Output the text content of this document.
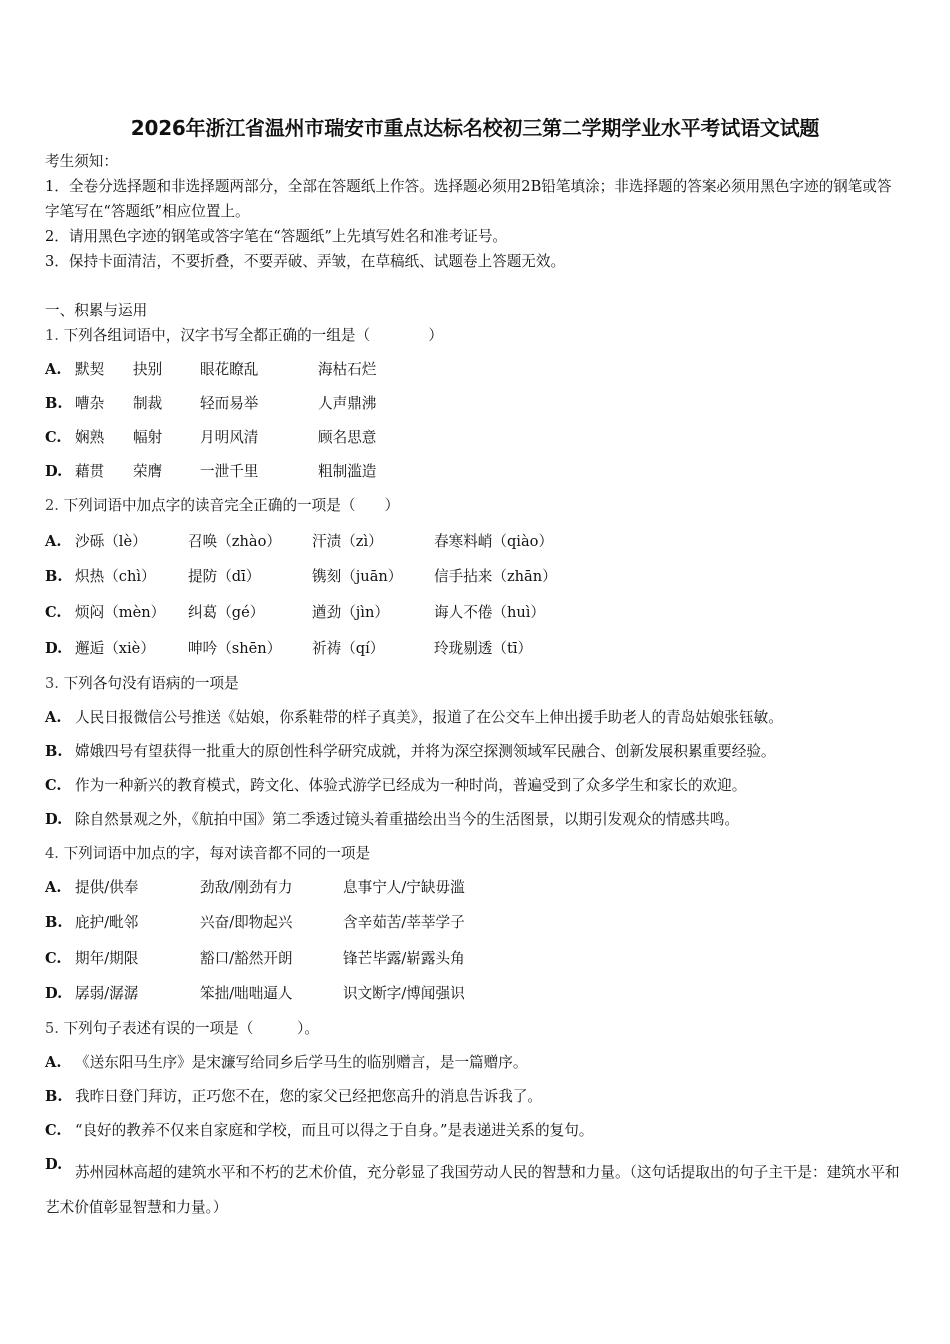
2026年浙江省温州市瑞安市重点达标名校初三第二学期学业水平考试语文试题
考生须知：
1．全卷分选择题和非选择题两部分，全部在答题纸上作答。选择题必须用2B铅笔填涂；非选择题的答案必须用黑色字迹的钢笔或答字笔写在“答题纸”相应位置上。
2．请用黑色字迹的钢笔或答字笔在“答题纸”上先填写姓名和准考证号。
3．保持卡面清洁，不要折叠，不要弄破、弄皱，在草稿纸、试题卷上答题无效。
一、积累与运用
1. 下列各组词语中，汉字书写全都正确的一组是（　　　　）
A. 默契 抉别	眼花瞭乱	海枯石烂
B. 嘈杂 制裁	轻而易举	人声鼎沸
C. 娴熟 幅射	月明风清	顾名思意
D. 藉贯 荣膺	一泄千里	粗制滥造
2. 下列词语中加点字的读音完全正确的一项是（　　）
A. 沙砾（lè）	召唤（zhào） 汗渍（zì）	春寒料峭（qiào）
B. 炽热（chì） 提防（dī）	镌刻（juān） 信手拈来（zhān）
C. 烦闷（mèn） 纠葛（gé）	遒劲（jìn）	诲人不倦（huì）
D. 邂逅（xiè） 呻吟（shēn） 祈祷（qí）	玲珑剔透（tī）
3. 下列各句没有语病的一项是
A. 人民日报微信公号推送《姑娘，你系鞋带的样子真美》，报道了在公交车上伸出援手助老人的青岛姑娘张钰敏。
B. 嫦娥四号有望获得一批重大的原创性科学研究成就，并将为深空探测领域军民融合、创新发展积累重要经验。
C. 作为一种新兴的教育模式，跨文化、体验式游学已经成为一种时尚，普遍受到了众多学生和家长的欢迎。
D. 除自然景观之外，《航拍中国》第二季透过镜头着重描绘出当今的生活图景，以期引发观众的情感共鸣。
4. 下列词语中加点的字，每对读音都不同的一项是
A. 提供/供奉	劲敌/刚劲有力	息事宁人/宁缺毋滥
B. 庇护/毗邻	兴奋/即物起兴	含辛茹苦/莘莘学子
C. 期年/期限	豁口/豁然开朗	锋芒毕露/崭露头角
D. 孱弱/潺潺	笨拙/咄咄逼人	识文断字/博闻强识
5. 下列句子表述有误的一项是（　　　）。
A. 《送东阳马生序》是宋濂写给同乡后学马生的临别赠言，是一篇赠序。
B. 我昨日登门拜访，正巧您不在，您的家父已经把您高升的消息告诉我了。
C. “良好的教养不仅来自家庭和学校，而且可以得之于自身。”是表递进关系的复句。
D. 苏州园林高超的建筑水平和不朽的艺术价值，充分彰显了我国劳动人民的智慧和力量。（这句话提取出的句子主干是：建筑水平和艺术价值彰显智慧和力量。）
